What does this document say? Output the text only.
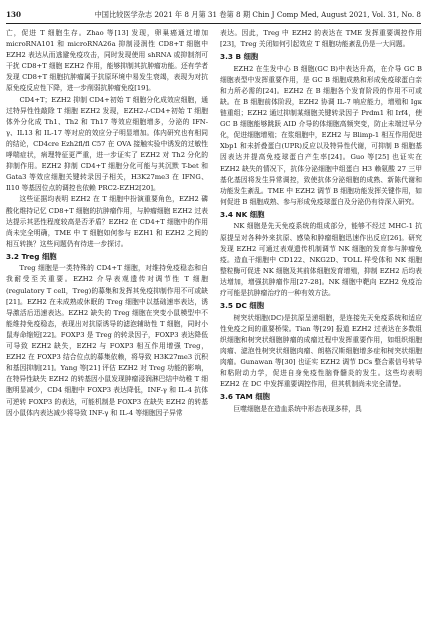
130	中国比较医学杂志 2021 年 8 月第 31 卷第 8 期 Chin J Comp Med, August 2021, Vol. 31, No. 8

亡，促进 T 细胞生存。Zhao 等[13] 发现，卵巢癌通过增加 microRNA101 和 microRNA26a 抑制浸润性 CD8+T 细胞中 EZH2 表达从而逃避免疫攻击，同时发现使用 shRNA 或抑制剂可干扰 CD8+T 细胞 EZH2 作用，能够抑制其抗肿瘤功能。还有学者发现 CD8+T 细胞抗肿瘤属于抗原环境中易发生衰竭，表现为对抗原免疫反应性下降，进一步削弱抗肿瘤免疫[19]。

CD4+T；EZH2 抑制 CD4+初始 T 细胞分化成效应细胞，通过特异性性敲除 T 细胞 EZH2 发现，EZH2-/-CD4+初始 T 细胞体外分化成 Th1、Th2 和 Th17 等效应细胞增多，分泌的 IFN-γ、IL13 和 IL-17 等对应的效应分子明显增加。体内研究也有相同的结论，CD4cre Ezh2fl/fl C57 在 OVA 接触实验中诱发的过敏性哮喘症状，病理特征更严重，进一步证实了 EZH2 对 Th2 分化的抑制作用。EZH2 抑制 CD4+T 细胞分化可能与其沉默 T-bet 和 Gata3 等效应细胞关键转录因子相关，H3K27me3 在 IFNG、Il10 等基因位点的调控也依赖 PRC2-EZH2[20]。

这些证据均表明 EZH2 在 T 细胞中扮演重要角色，EZH2 磷酸化维持记忆 CD8+T 细胞的抗肿瘤作用，与肿瘤细胞 EZH2 过表达提示其恶性程度较高是否矛盾？EZH2 在 CD4+T 细胞中的作用尚未完全明确，TME 中 T 细胞如何参与 EZH1 和 EZH2 之间的相互转换？这些问题仍有待进一步探讨。

3.2 Treg 细胞

Treg 细胞是一类特殊的 CD4+T 细胞，对维持免疫稳态和自我耐受至关重要。EZH2 介导表观遗传对调节性 T 细胞(regulatory T cell，Treg)的募集和发挥其免疫抑制作用不可或缺[21]。EZH2 在未成熟或休眠的 Treg 细胞中以基础速率表达，诱导激活后迅速表达。EZH2 缺失的 Treg 细胞在突变小鼠模型中不能维持免疫稳态，表现出对抗原诱导的滤泡辅助性 T 细胞，同时小鼠寿命缩短[22]。FOXP3 是 Treg 的转录因子，FOXP3 表达降低可导致 EZH2 缺失，EZH2 与 FOXP3 相互作用增强 Treg，EZH2 在 FOXP3 结合位点的募集依赖，将导致 H3K27me3 沉积和基因抑制[21]。Yang 等[21] 评估 EZH2 对 Treg 功能的影响，在特异性缺失 EZH2 的转基因小鼠发现肿瘤浸润淋巴结中幼稚 T 细胞明显减少，CD4 细胞中 FOXP3 表达降低，INF-γ 和 IL-4 抗体可逆转 FOXP3 的表达，可能机制是 FOXP3 在缺失 EZH2 的转基因小鼠体内表达减少将导致 INF-γ 和 IL-4 等细胞因子异常

表达。因此，Treg 中 EZH2 的表达在 TME 发挥重要调控作用[23]，Treg 关闭如何引起效应 T 细胞功能紊乱仍是一大问题。

3.3 B 细胞

EZH2 在生发中心 B 细胞(GC B)中表达升高，在介导 GC B 细胞表型中发挥重要作用，是 GC B 细胞成熟和形成免疫球蛋白亲和力所必需的[24]。EZH2 在 B 细胞各个发育阶段的作用不可或缺。在 B 细胞前体阶段，EZH2 协调 IL-7 响应能力，增殖和 Igκ 链重组；EZH2 通过抑制某细胞关键转录因子 Prdm1 和 Irf4，使 GC B 细胞能够跳跃 AID 介导的体细胞高频突变，防止未端过早分化，促进细胞增殖；在浆细胞中，EZH2 与 Blimp-1 相互作用促进 Xbp1 和未折叠蛋白(UPR)反应以及特异性代谢，可抑制 B 细胞基因表达并提高免疫球蛋白产生率[24]。Guo 等[25] 也证实在 EZH2 缺失的情况下，抗体分泌细胞中组蛋白 H3 赖氨酸 27 三甲基化基因将发生异常调控，致使抗体分泌细胞的成熟、新陈代谢和功能发生紊乱。TME 中 EZH2 调节 B 细胞功能发挥关键作用，如何促进 B 细胞成熟、参与形成免疫球蛋白及分泌仍有待深入研究。

3.4 NK 细胞

NK 细胞是先天免疫系统的组成部分，能够不经过 MHC-1 抗原提呈对各种外来抗原、感染和肿瘤细胞迅速作出反应[26]。研究发现 EZH2 可通过表观遗传机制调节 NK 细胞的发育参与肿瘤免疫。造血干细胞中 CD122、NKG2D、TOLL 样受体和 NK 细胞整粒酶可促进 NK 细胞及其前体细胞发育增殖，抑制 EZH2 后均表达增加，增强抗肿瘤作用[27-28]。NK 细胞中靶向 EZH2 免疫治疗可能是抗肿瘤治疗的一种有效方法。

3.5 DC 细胞

树突状细胞(DC)是抗原呈递细胞，是连接先天免疫系统和适应性免疫之间的重要桥梁。Tian 等[29] 报道 EZH2 过表达在多数组织细胞和树突状细胞肿瘤的成瘤过程中发挥重要作用，如组织细胞肉瘤、滤泡性树突状细胞肉瘤、朗格汉斯细胞增多症和树突状细胞肉瘤。Gunawan 等[30] 也证实 EZH2 调节 DCs 整合素信号转导和粘附动力学，促进自身免疫性脑脊髓炎的发生。这些均表明 EZH2 在 DC 中发挥重要调控作用，但其机制尚未完全清楚。

3.6 TAM 细胞

巨噬细胞是在造血系统中形态表现多样，具
